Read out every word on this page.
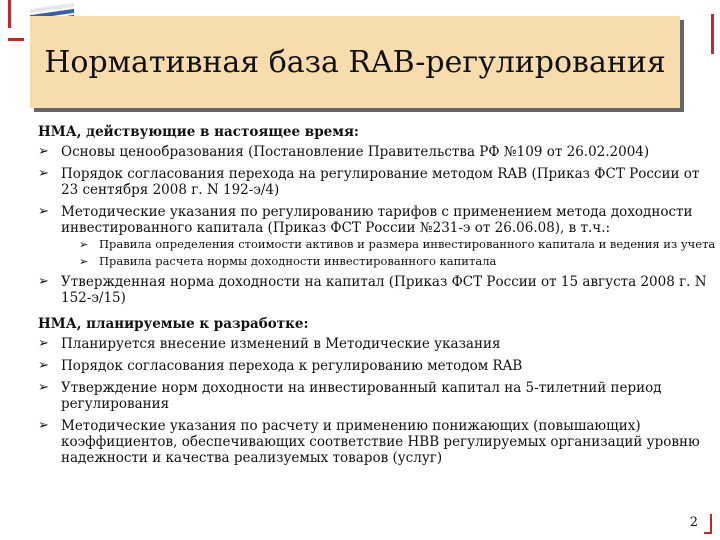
Нормативная база RAB-регулирования

НМА, действующие в настоящее время:

➢ Основы ценообразования (Постановление Правительства РФ №109 от 26.02.2004)
➢ Порядок согласования перехода на регулирование методом RAB (Приказ ФСТ России от 23 сентября 2008 г. N 192-э/4)
➢ Методические указания по регулированию тарифов с применением метода доходности инвестированного капитала (Приказ ФСТ России №231-э от 26.06.08), в т.ч.:
➢ Правила определения стоимости активов и размера инвестированного капитала и ведения из учета
➢ Правила расчета нормы доходности инвестированного капитала
➢ Утвержденная норма доходности на капитал (Приказ ФСТ России от 15 августа 2008 г. N 152-э/15)

НМА, планируемые к разработке:

➢ Планируется внесение изменений в Методические указания
➢ Порядок согласования перехода к регулированию методом RAB
➢ Утверждение норм доходности на инвестированный капитал на 5-тилетний период регулирования
➢ Методические указания по расчету и применению понижающих (повышающих) коэффициентов, обеспечивающих соответствие НВВ регулируемых организаций уровню надежности и качества реализуемых товаров (услуг)
2
